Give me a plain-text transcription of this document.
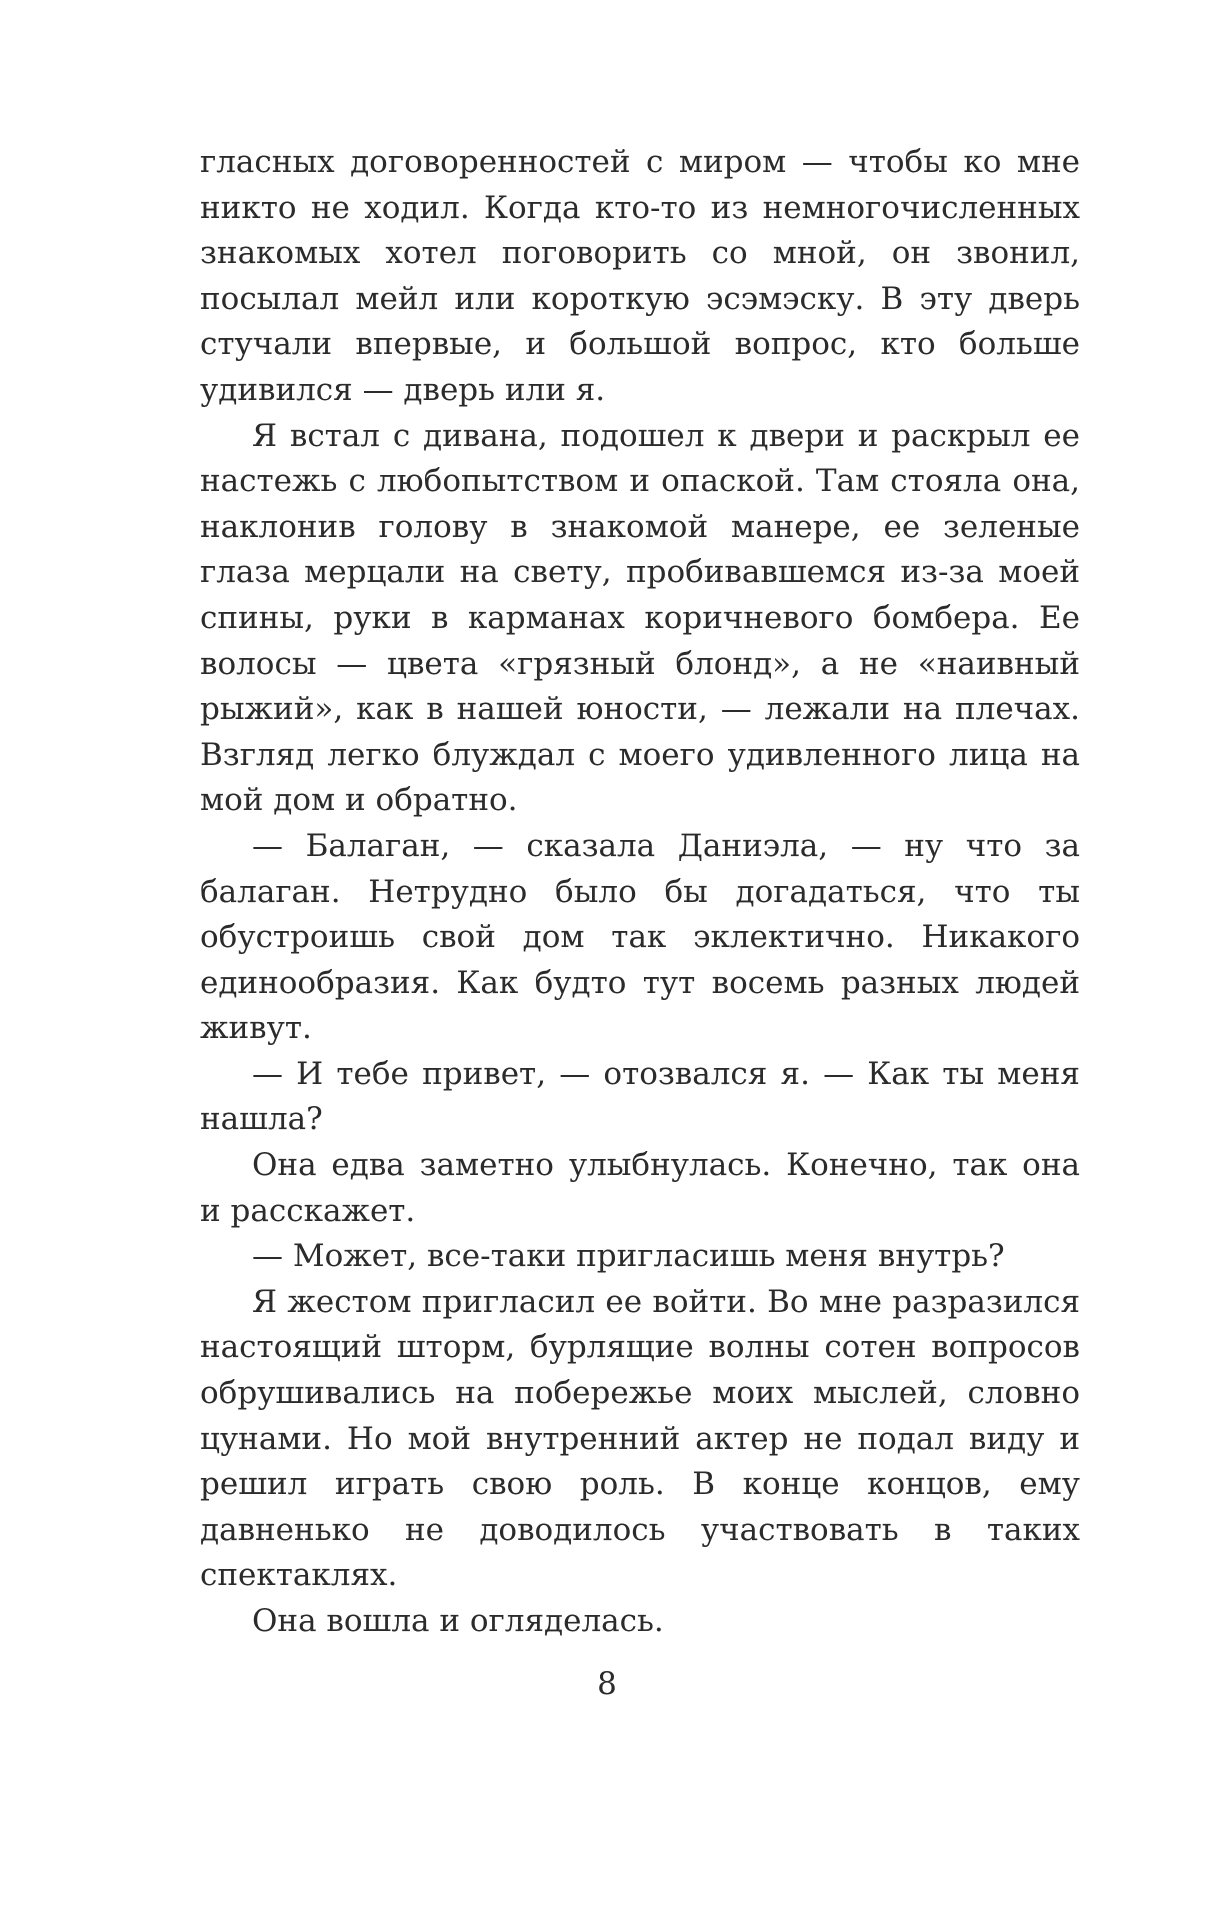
гласных договоренностей с миром — чтобы ко мне никто не ходил. Когда кто-то из немногочисленных знакомых хотел поговорить со мной, он звонил, посылал мейл или короткую эсэмэску. В эту дверь стучали впервые, и большой вопрос, кто больше удивился — дверь или я.

Я встал с дивана, подошел к двери и раскрыл ее настежь с любопытством и опаской. Там стояла она, наклонив голову в знакомой манере, ее зеленые глаза мерцали на свету, пробивавшемся из-за моей спины, руки в карманах коричневого бомбера. Ее волосы — цвета «грязный блонд», а не «наивный рыжий», как в нашей юности, — лежали на плечах. Взгляд легко блуждал с моего удивленного лица на мой дом и обратно.

— Балаган, — сказала Даниэла, — ну что за балаган. Нетрудно было бы догадаться, что ты обустроишь свой дом так эклектично. Никакого единообразия. Как будто тут восемь разных людей живут.

— И тебе привет, — отозвался я. — Как ты меня нашла?

Она едва заметно улыбнулась. Конечно, так она и расскажет.

— Может, все-таки пригласишь меня внутрь?

Я жестом пригласил ее войти. Во мне разразился настоящий шторм, бурлящие волны сотен вопросов обрушивались на побережье моих мыслей, словно цунами. Но мой внутренний актер не подал виду и решил играть свою роль. В конце концов, ему давненько не доводилось участвовать в таких спектаклях.

Она вошла и огляделась.

8
